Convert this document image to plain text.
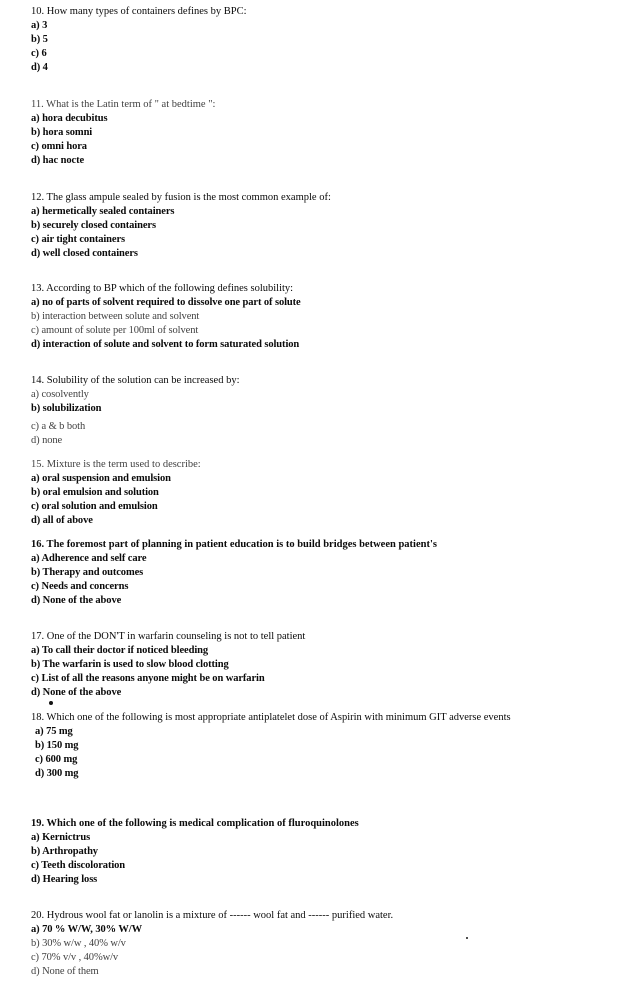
10. How many types of containers defines by BPC:
a) 3
b) 5
c) 6
d) 4
11. What is the Latin term of " at bedtime ":
a) hora decubitus
b) hora somni
c) omni hora
d) hac nocte
12. The glass ampule sealed by fusion is the most common example of:
a) hermetically sealed containers
b) securely closed containers
c) air tight containers
d) well closed containers
13. According to BP which of the following defines solubility:
a) no of parts of solvent required to dissolve one part of solute
b) interaction between solute and solvent
c) amount of solute per 100ml of solvent
d) interaction of solute and solvent to form saturated solution
14. Solubility of the solution can be increased by:
a) cosolvently
b) solubilization
c) a & b both
d) none
15. Mixture is the term used to describe:
a) oral suspension and emulsion
b) oral emulsion and solution
c) oral solution and emulsion
d) all of above
16. The foremost part of planning in patient education is to build bridges between patient's
a) Adherence and self care
b) Therapy and outcomes
c) Needs and concerns
d) None of the above
17. One of the DON'T in warfarin counseling is not to tell patient
a) To call their doctor if noticed bleeding
b) The warfarin is used to slow blood clotting
c) List of all the reasons anyone might be on warfarin
d) None of the above
18. Which one of the following is most appropriate antiplatelet dose of Aspirin with minimum GIT adverse events
a) 75 mg
b) 150 mg
c) 600 mg
d) 300 mg
19. Which one of the following is medical complication of fluroquinolones
a) Kernictrus
b) Arthropathy
c) Teeth discoloration
d) Hearing loss
20. Hydrous wool fat or lanolin is a mixture of ------ wool fat and ------ purified water.
a) 70 % W/W, 30% W/W
b) 30% w/w , 40% w/v
c) 70% v/v , 40%w/v
d) None of them
